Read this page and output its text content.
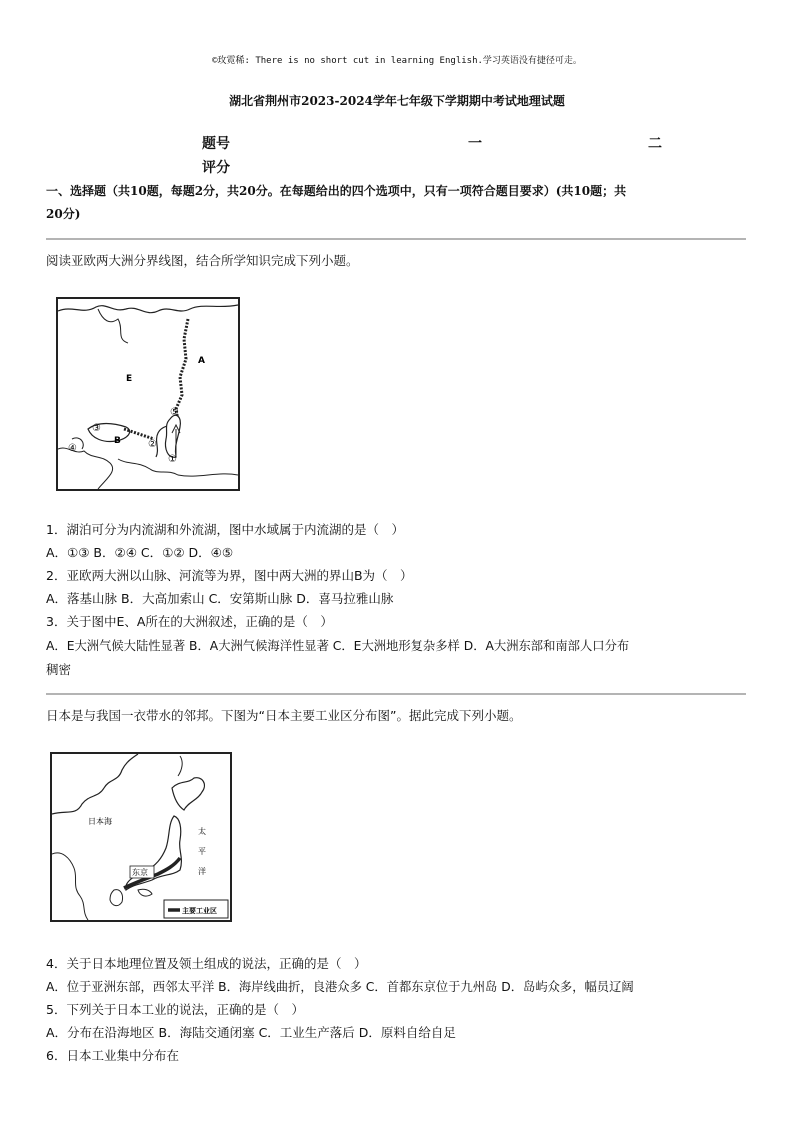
©玫霓稀: There is no short cut in learning English.学习英语没有捷径可走。
湖北省荆州市2023-2024学年七年级下学期期中考试地理试题
题号
评分
一	二
一、选择题（共10题，每题2分，共20分。在每题给出的四个选项中，只有一项符合题目要求）(共10题；共
20分)
阅读亚欧两大洲分界线图，结合所学知识完成下列小题。
E
A
B
①
②
③
④
⑤
1．湖泊可分为内流湖和外流湖，图中水域属于内流湖的是（　）
A．①③ B．②④ C．①② D．④⑤
2．亚欧两大洲以山脉、河流等为界，图中两大洲的界山B为（　）
A．落基山脉 B．大高加索山 C．安第斯山脉 D．喜马拉雅山脉
3．关于图中E、A所在的大洲叙述，正确的是（　）
A．E大洲气候大陆性显著 B．A大洲气候海洋性显著 C．E大洲地形复杂多样 D．A大洲东部和南部人口分布
稠密
日本是与我国一衣带水的邻邦。下图为“日本主要工业区分布图”。据此完成下列小题。
东京
日本海
太
平
洋
主要工业区
4．关于日本地理位置及领土组成的说法，正确的是（　）
A．位于亚洲东部，西邻太平洋 B．海岸线曲折，良港众多 C．首都东京位于九州岛 D．岛屿众多，幅员辽阔
5．下列关于日本工业的说法，正确的是（　）
A．分布在沿海地区 B．海陆交通闭塞 C．工业生产落后 D．原料自给自足
6．日本工业集中分布在
